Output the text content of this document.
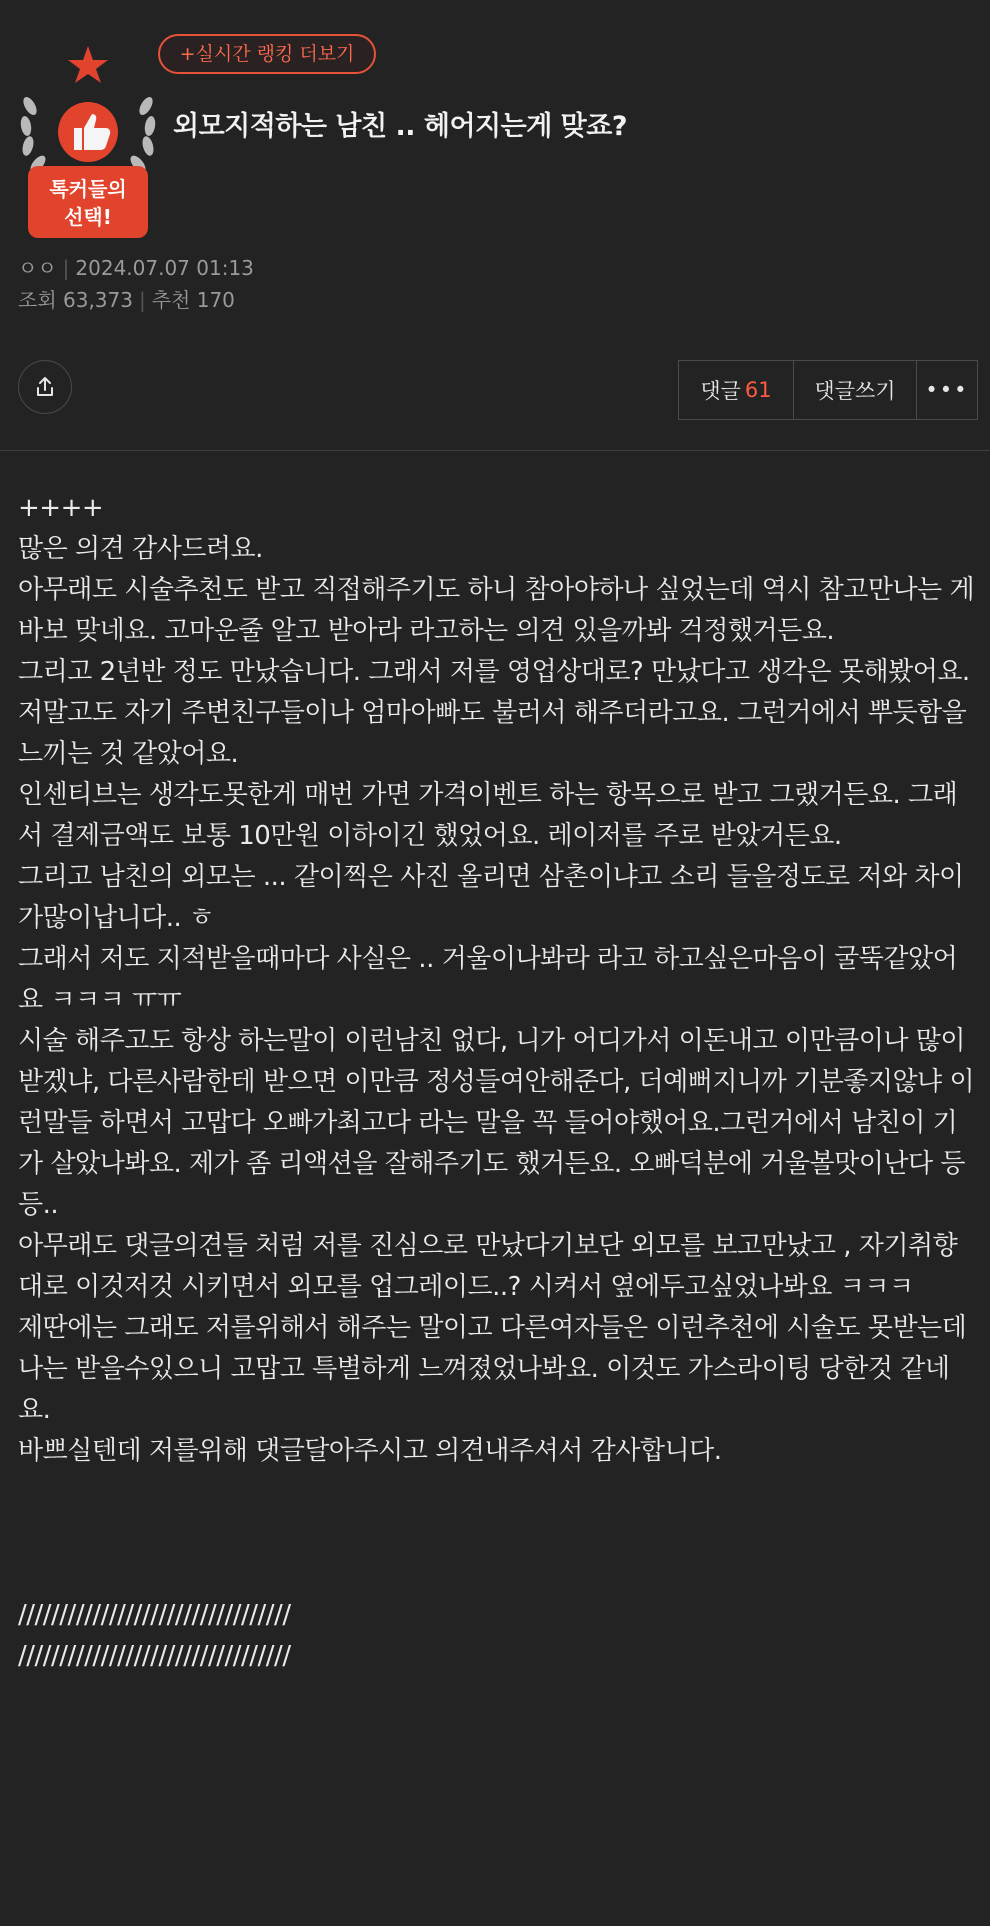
톡커들의
선택!
+실시간 랭킹 더보기
외모지적하는 남친 .. 헤어지는게 맞죠?
ㅇㅇ | 2024.07.07 01:13
조회 63,373 | 추천 170
댓글 61	댓글쓰기	•••

++++

많은 의견 감사드려요.

아무래도 시술추천도 받고 직접해주기도 하니 참아야하나 싶었는데 역시 참고만나는 게 바보 맞네요. 고마운줄 알고 받아라 라고하는 의견 있을까봐 걱정했거든요.

그리고 2년반 정도 만났습니다. 그래서 저를 영업상대로? 만났다고 생각은 못해봤어요. 저말고도 자기 주변친구들이나 엄마아빠도 불러서 해주더라고요. 그런거에서 뿌듯함을 느끼는 것 같았어요.

인센티브는 생각도못한게 매번 가면 가격이벤트 하는 항목으로 받고 그랬거든요. 그래서 결제금액도 보통 10만원 이하이긴 했었어요. 레이저를 주로 받았거든요.

그리고 남친의 외모는 ... 같이찍은 사진 올리면 삼촌이냐고 소리 들을정도로 저와 차이가많이납니다.. ㅎ

그래서 저도 지적받을때마다 사실은 .. 거울이나봐라 라고 하고싶은마음이 굴뚝같았어요 ㅋㅋㅋ ㅠㅠ

시술 해주고도 항상 하는말이 이런남친 없다, 니가 어디가서 이돈내고 이만큼이나 많이받겠냐, 다른사람한테 받으면 이만큼 정성들여안해준다, 더예뻐지니까 기분좋지않냐 이런말들 하면서 고맙다 오빠가최고다 라는 말을 꼭 들어야했어요.그런거에서 남친이 기가 살았나봐요. 제가 좀 리액션을 잘해주기도 했거든요. 오빠덕분에 거울볼맛이난다 등등..

아무래도 댓글의견들 처럼 저를 진심으로 만났다기보단 외모를 보고만났고 , 자기취향대로 이것저것 시키면서 외모를 업그레이드..? 시켜서 옆에두고싶었나봐요 ㅋㅋㅋ

제딴에는 그래도 저를위해서 해주는 말이고 다른여자들은 이런추천에 시술도 못받는데 나는 받을수있으니 고맙고 특별하게 느껴졌었나봐요. 이것도 가스라이팅 당한것 같네요.

바쁘실텐데 저를위해 댓글달아주시고 의견내주셔서 감사합니다.

/////////////////////////////////

/////////////////////////////////
